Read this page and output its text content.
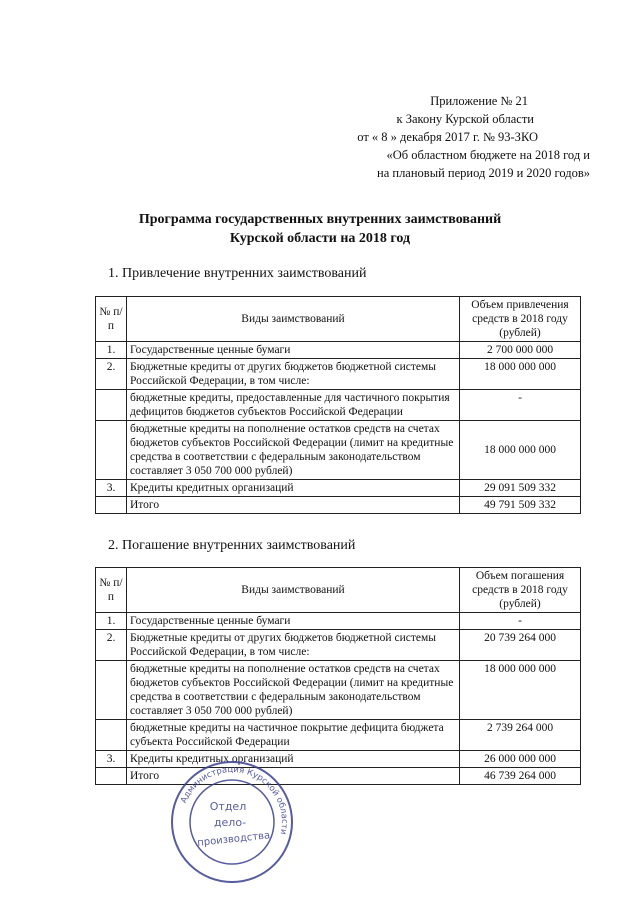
Приложение № 21
к Закону Курской области
от « 8 » декабря 2017 г. № 93-ЗКО
«Об областном бюджете на 2018 год и
на плановый период 2019 и 2020 годов»
Программа государственных внутренних заимствований
Курской области на 2018 год
1. Привлечение внутренних заимствований
№ п/п	Виды заимствований	Объем привлечения средств в 2018 году (рублей)
1.	Государственные ценные бумаги	2 700 000 000
2.	Бюджетные кредиты от других бюджетов бюджетной системы Российской Федерации, в том числе:	18 000 000 000
	бюджетные кредиты, предоставленные для частичного покрытия дефицитов бюджетов субъектов Российской Федерации	-
	бюджетные кредиты на пополнение остатков средств на счетах бюджетов субъектов Российской Федерации (лимит на кредитные средства в соответствии с федеральным законодательством составляет 3 050 700 000 рублей)	18 000 000 000
3.	Кредиты кредитных организаций	29 091 509 332
	Итого	49 791 509 332
2. Погашение внутренних заимствований
№ п/п	Виды заимствований	Объем погашения средств в 2018 году (рублей)
1.	Государственные ценные бумаги	-
2.	Бюджетные кредиты от других бюджетов бюджетной системы Российской Федерации, в том числе:	20 739 264 000
	бюджетные кредиты на пополнение остатков средств на счетах бюджетов субъектов Российской Федерации (лимит на кредитные средства в соответствии с федеральным законодательством составляет 3 050 700 000 рублей)	18 000 000 000
	бюджетные кредиты на частичное покрытие дефицита бюджета субъекта Российской Федерации	2 739 264 000
3.	Кредиты кредитных организаций	26 000 000 000
	Итого	46 739 264 000
Администрация Курской области
Отдел
дело-
производства
